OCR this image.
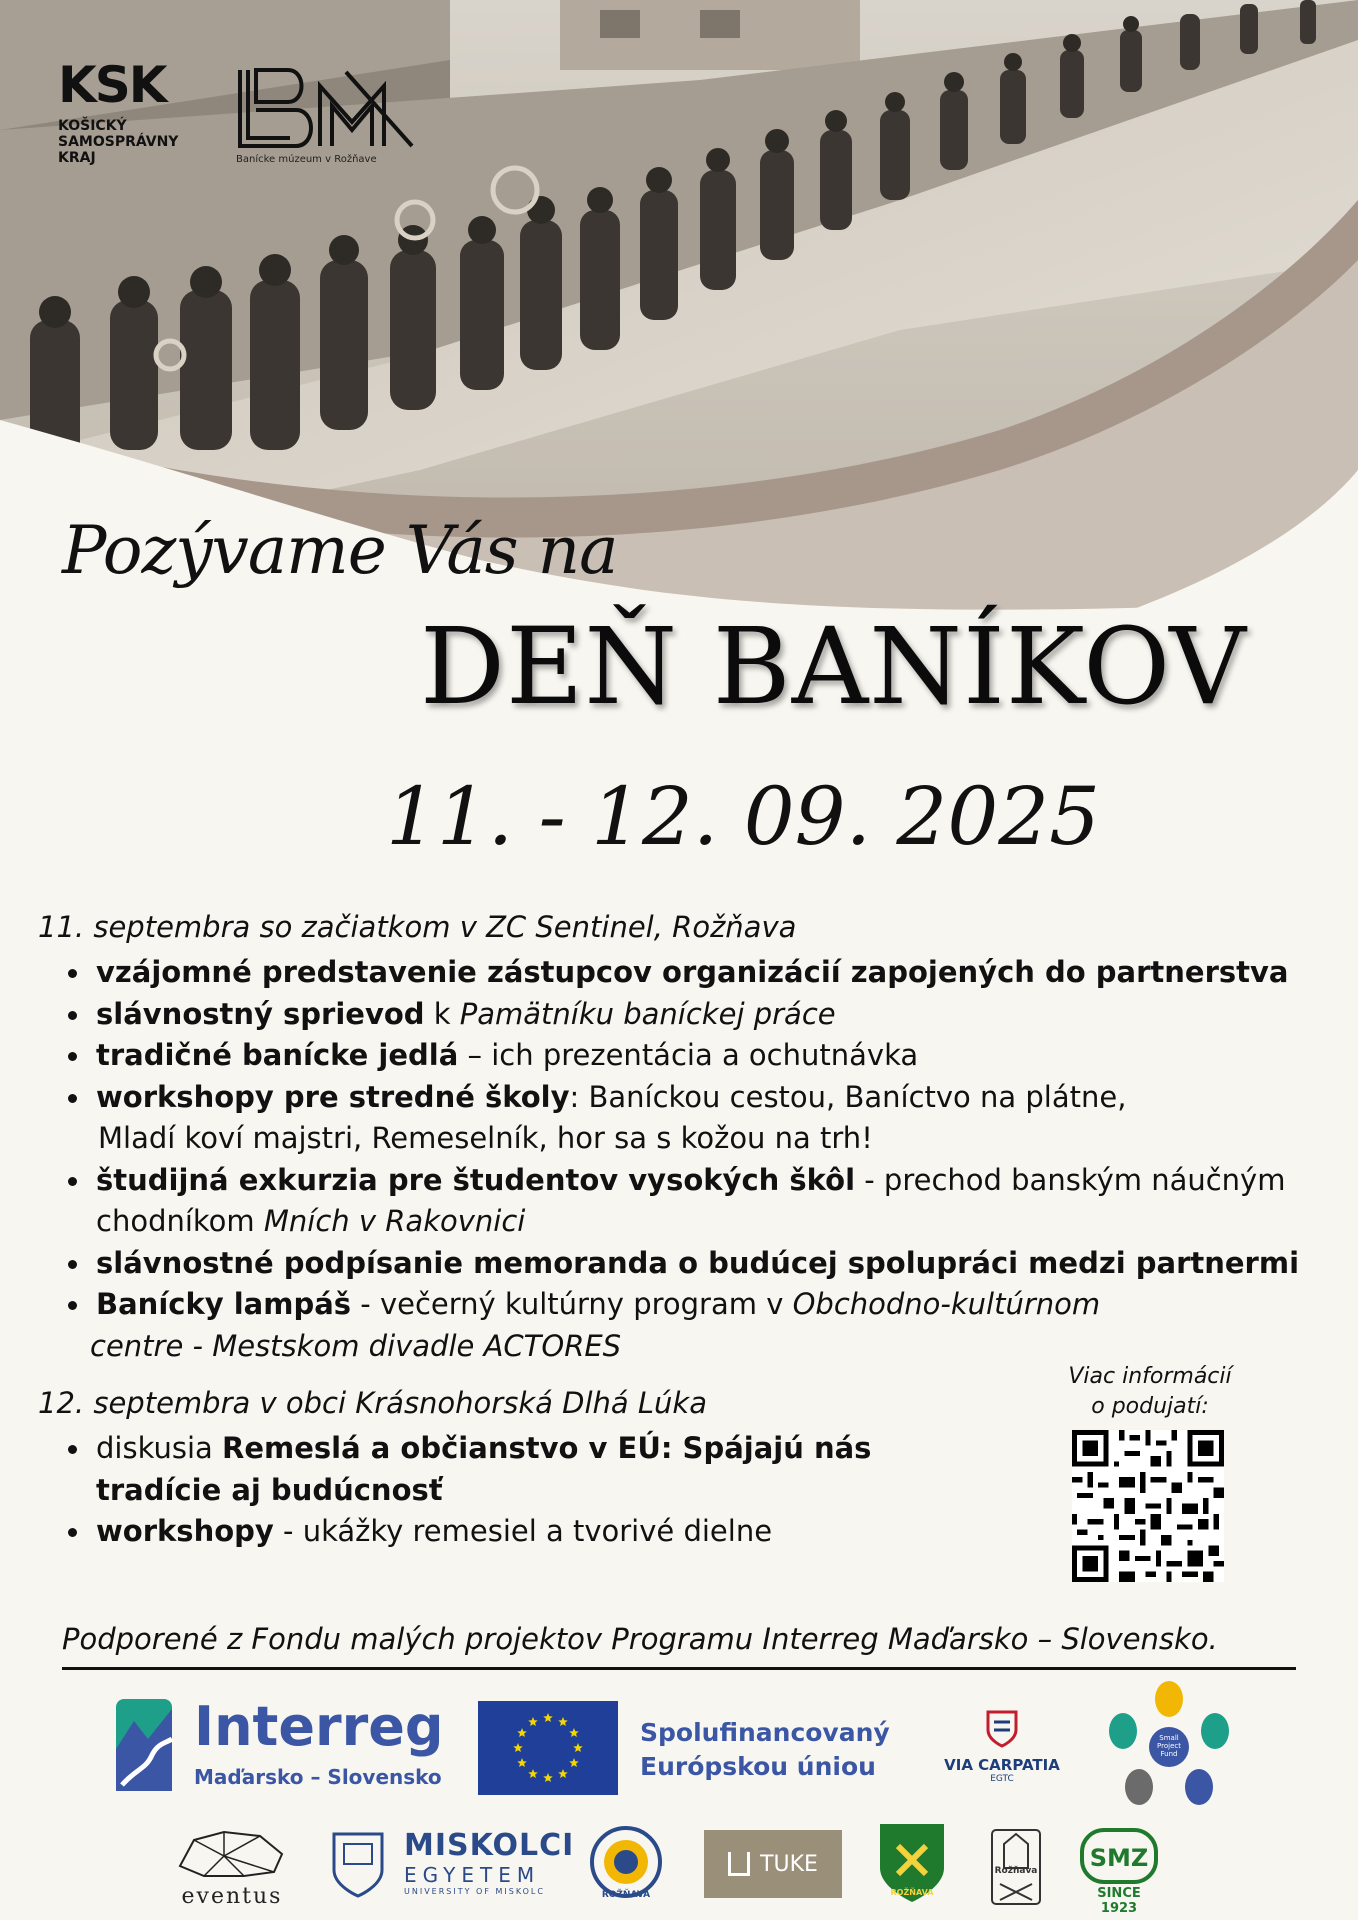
KSK
KOŠICKÝ
SAMOSPRÁVNY
KRAJ	Banícke múzeum v Rožňave
Pozývame Vás na
DEŇ BANÍKOV
11. - 12. 09. 2025
11. septembra so začiatkom v ZC Sentinel, Rožňava
vzájomné predstavenie zástupcov organizácií zapojených do partnerstva
slávnostný sprievod k Pamätníku baníckej práce
tradičné banícke jedlá – ich prezentácia a ochutnávka
workshopy pre stredné školy: Baníckou cestou, Baníctvo na plátne,
Mladí koví majstri, Remeselník, hor sa s kožou na trh!
študijná exkurzia pre študentov vysokých škôl - prechod banským náučným
chodníkom Mních v Rakovnici
slávnostné podpísanie memoranda o budúcej spolupráci medzi partnermi
Banícky lampáš - večerný kultúrny program v Obchodno-kultúrnom
centre - Mestskom divadle ACTORES
12. septembra v obci Krásnohorská Dlhá Lúka
diskusia Remeslá a občianstvo v EÚ: Spájajú nás
tradície aj budúcnosť
workshopy - ukážky remesiel a tvorivé dielne
Viac informácií
o podujatí:
Podporené z Fondu malých projektov Programu Interreg Maďarsko – Slovensko.
Interreg
Maďarsko – Slovensko
Spolufinancovaný
Európskou úniou	VIA CARPATIA
EGTC
Small Project Fund
eventus
MISKOLCI
EGYETEM
UNIVERSITY OF MISKOLC	ROŽŇAVA
TUKE
ROŽŇAVA
Rožňava	SMZ
SINCE 1923
